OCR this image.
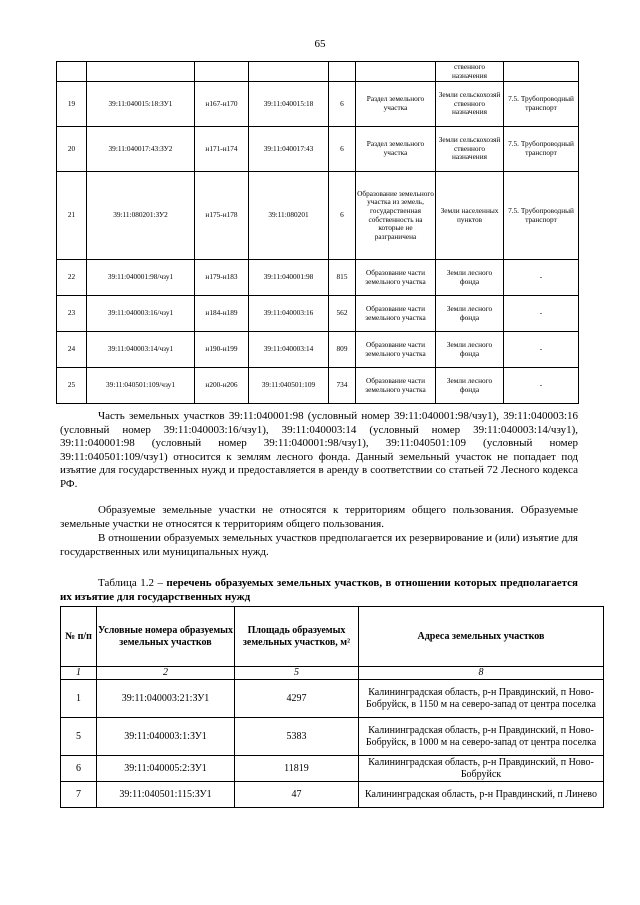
65
						ственного назначения	
19	39:11:040015:18:ЗУ1	н167-н170	39:11:040015:18	6	Раздел земельного участка	Земли сельскохозяй ственного назначения	7.5. Трубопроводный транспорт
20	39:11:040017:43:ЗУ2	н171-н174	39:11:040017:43	6	Раздел земельного участка	Земли сельскохозяй ственного назначения	7.5. Трубопроводный транспорт
21	39:11:080201:ЗУ2	н175-н178	39:11:080201	6	Образование земельного участка из земель, государственная собственность на которые не разграничена	Земли населенных пунктов	7.5. Трубопроводный транспорт
22	39:11:040001:98/чзу1	н179-н183	39:11:040001:98	815	Образование части земельного участка	Земли лесного фонда	-
23	39:11:040003:16/чзу1	н184-н189	39:11:040003:16	562	Образование части земельного участка	Земли лесного фонда	-
24	39:11:040003:14/чзу1	н190-н199	39:11:040003:14	809	Образование части земельного участка	Земли лесного фонда	-
25	39:11:040501:109/чзу1	н200-н206	39:11:040501:109	734	Образование части земельного участка	Земли лесного фонда	-

Часть земельных участков 39:11:040001:98 (условный номер 39:11:040001:98/чзу1), 39:11:040003:16 (условный номер 39:11:040003:16/чзу1), 39:11:040003:14 (условный номер 39:11:040003:14/чзу1), 39:11:040001:98 (условный номер 39:11:040001:98/чзу1), 39:11:040501:109 (условный номер 39:11:040501:109/чзу1) относится к землям лесного фонда. Данный земельный участок не попадает под изъятие для государственных нужд и предоставляется в аренду в соответствии со статьей 72 Лесного кодекса РФ.

Образуемые земельные участки не относятся к территориям общего пользования. Образуемые земельные участки не относятся к территориям общего пользования.

В отношении образуемых земельных участков предполагается их резервирование и (или) изъятие для государственных или муниципальных нужд.

Таблица 1.2 – перечень образуемых земельных участков, в отношении которых предполагается их изъятие для государственных нужд

№ п/п	Условные номера образуемых земельных участков	Площадь образуемых земельных участков, м²	Адреса земельных участков
1	2	5	8
1	39:11:040003:21:ЗУ1	4297	Калининградская область, р-н Правдинский, п Ново-Бобруйск, в 1150 м на северо-запад от центра поселка
5	39:11:040003:1:ЗУ1	5383	Калининградская область, р-н Правдинский, п Ново-Бобруйск, в 1000 м на северо-запад от центра поселка
6	39:11:040005:2:ЗУ1	11819	Калининградская область, р-н Правдинский, п Ново-Бобруйск
7	39:11:040501:115:ЗУ1	47	Калининградская область, р-н Правдинский, п Линево
